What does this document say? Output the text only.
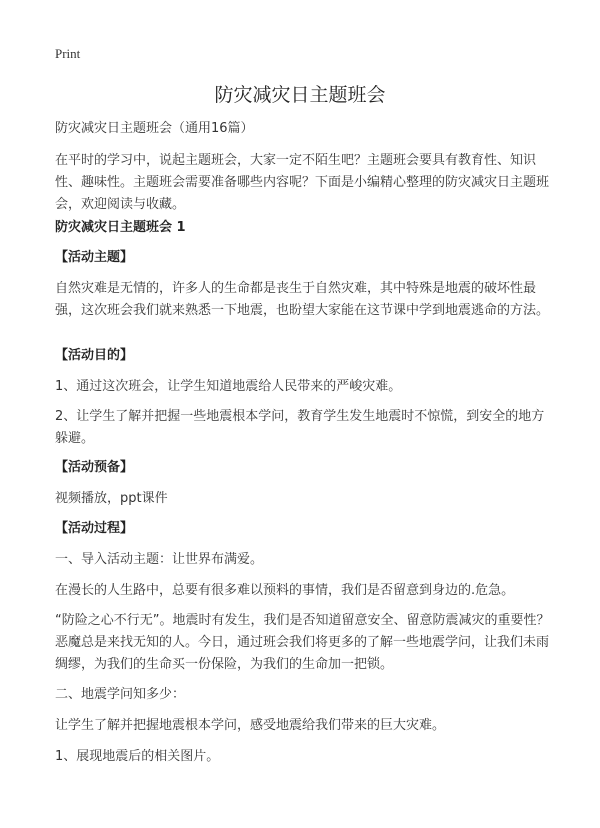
Print
防灾减灾日主题班会
防灾减灾日主题班会（通用16篇）
在平时的学习中，说起主题班会，大家一定不陌生吧？主题班会要具有教育性、知识性、趣味性。主题班会需要准备哪些内容呢？下面是小编精心整理的防灾减灾日主题班会，欢迎阅读与收藏。
防灾减灾日主题班会 1
【活动主题】
自然灾难是无情的，许多人的生命都是丧生于自然灾难，其中特殊是地震的破坏性最强，这次班会我们就来熟悉一下地震，也盼望大家能在这节课中学到地震逃命的方法。
【活动目的】
1、通过这次班会，让学生知道地震给人民带来的严峻灾难。
2、让学生了解并把握一些地震根本学问，教育学生发生地震时不惊慌，到安全的地方躲避。
【活动预备】
视频播放，ppt课件
【活动过程】
一、导入活动主题：让世界布满爱。
在漫长的人生路中，总要有很多难以预料的事情，我们是否留意到身边的.危急。
“防险之心不行无”。地震时有发生，我们是否知道留意安全、留意防震减灾的重要性？恶魔总是来找无知的人。今日，通过班会我们将更多的了解一些地震学问，让我们未雨绸缪，为我们的生命买一份保险，为我们的生命加一把锁。
二、地震学问知多少：
让学生了解并把握地震根本学问，感受地震给我们带来的巨大灾难。
1、展现地震后的相关图片。
